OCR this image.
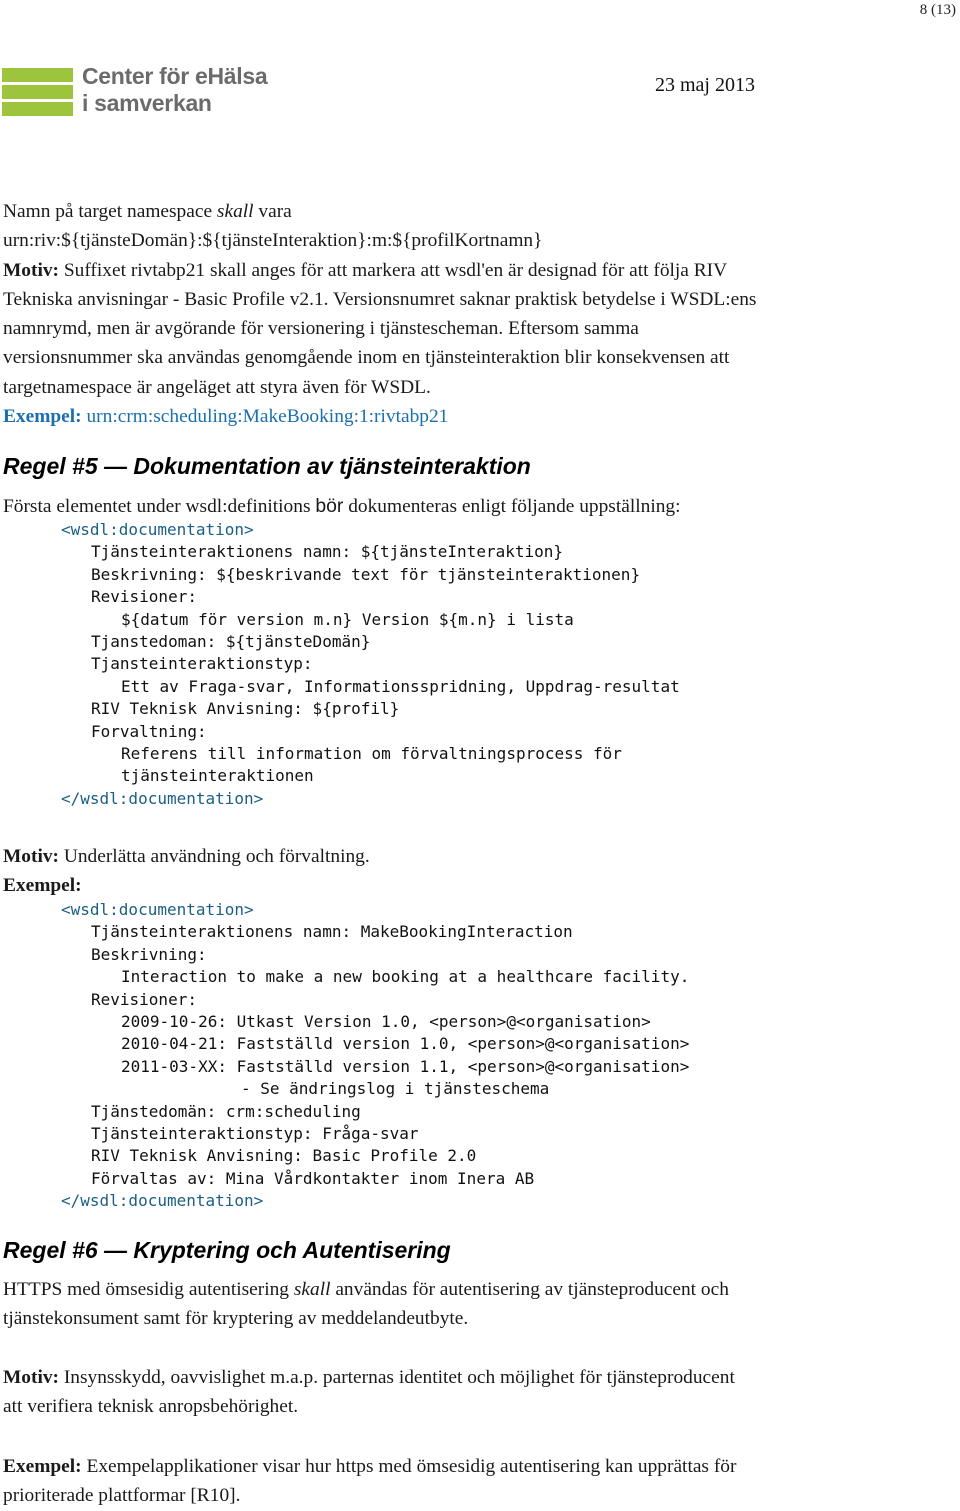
8 (13)
Center för eHälsa
i samverkan
23 maj 2013

Namn på target namespace skall vara

urn:riv:${tjänsteDomän}:${tjänsteInteraktion}:m:${profilKortnamn}

Motiv: Suffixet rivtabp21 skall anges för att markera att wsdl'en är designad för att följa RIV

Tekniska anvisningar - Basic Profile v2.1. Versionsnumret saknar praktisk betydelse i WSDL:ens

namnrymd, men är avgörande för versionering i tjänstescheman. Eftersom samma

versionsnummer ska användas genomgående inom en tjänsteinteraktion blir konsekvensen att

targetnamespace är angeläget att styra även för WSDL.

Exempel: urn:crm:scheduling:MakeBooking:1:rivtabp21

Regel #5 — Dokumentation av tjänsteinteraktion

Första elementet under wsdl:definitions bör dokumenteras enligt följande uppställning:

<wsdl:documentation>
Tjänsteinteraktionens namn: ${tjänsteInteraktion}
Beskrivning: ${beskrivande text för tjänsteinteraktionen}
Revisioner:
${datum för version m.n} Version ${m.n} i lista
Tjanstedoman: ${tjänsteDomän}
Tjansteinteraktionstyp:
Ett av Fraga-svar, Informationsspridning, Uppdrag-resultat
RIV Teknisk Anvisning: ${profil}
Forvaltning:
Referens till information om förvaltningsprocess för
tjänsteinteraktionen
</wsdl:documentation>

Motiv: Underlätta användning och förvaltning.

Exempel:

<wsdl:documentation>
Tjänsteinteraktionens namn: MakeBookingInteraction
Beskrivning:
Interaction to make a new booking at a healthcare facility.
Revisioner:
2009-10-26: Utkast Version 1.0, <person>@<organisation>
2010-04-21: Fastställd version 1.0, <person>@<organisation>
2011-03-XX: Fastställd version 1.1, <person>@<organisation>
- Se ändringslog i tjänsteschema
Tjänstedomän: crm:scheduling
Tjänsteinteraktionstyp: Fråga-svar
RIV Teknisk Anvisning: Basic Profile 2.0
Förvaltas av: Mina Vårdkontakter inom Inera AB
</wsdl:documentation>
Regel #6 — Kryptering och Autentisering

HTTPS med ömsesidig autentisering skall användas för autentisering av tjänsteproducent och

tjänstekonsument samt för kryptering av meddelandeutbyte.

Motiv: Insynsskydd, oavvislighet m.a.p. parternas identitet och möjlighet för tjänsteproducent

att verifiera teknisk anropsbehörighet.

Exempel: Exempelapplikationer visar hur https med ömsesidig autentisering kan upprättas för

prioriterade plattformar [R10].
